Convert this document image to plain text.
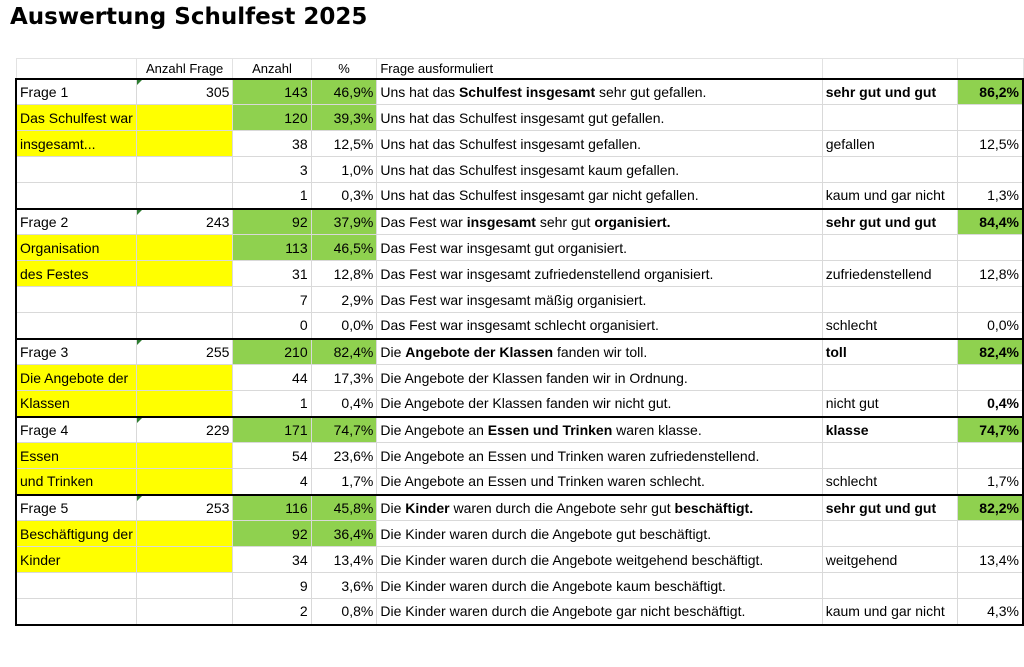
Auswertung Schulfest 2025
	Anzahl Frage	Anzahl	%	Frage ausformuliert		
Frage 1	305	143	46,9%	Uns hat das Schulfest insgesamt sehr gut gefallen.	sehr gut und gut	86,2%
Das Schulfest war		120	39,3%	Uns hat das Schulfest insgesamt gut gefallen.		
insgesamt...		38	12,5%	Uns hat das Schulfest insgesamt gefallen.	gefallen	12,5%
		3	1,0%	Uns hat das Schulfest insgesamt kaum gefallen.		
		1	0,3%	Uns hat das Schulfest insgesamt gar nicht gefallen.	kaum und gar nicht	1,3%
Frage 2	243	92	37,9%	Das Fest war insgesamt sehr gut organisiert.	sehr gut und gut	84,4%
Organisation		113	46,5%	Das Fest war insgesamt gut organisiert.		
des Festes		31	12,8%	Das Fest war insgesamt zufriedenstellend organisiert.	zufriedenstellend	12,8%
		7	2,9%	Das Fest war insgesamt mäßig organisiert.		
		0	0,0%	Das Fest war insgesamt schlecht organisiert.	schlecht	0,0%
Frage 3	255	210	82,4%	Die Angebote der Klassen fanden wir toll.	toll	82,4%
Die Angebote der		44	17,3%	Die Angebote der Klassen fanden wir in Ordnung.		
Klassen		1	0,4%	Die Angebote der Klassen fanden wir nicht gut.	nicht gut	0,4%
Frage 4	229	171	74,7%	Die Angebote an Essen und Trinken waren klasse.	klasse	74,7%
Essen		54	23,6%	Die Angebote an Essen und Trinken waren zufriedenstellend.		
und Trinken		4	1,7%	Die Angebote an Essen und Trinken waren schlecht.	schlecht	1,7%
Frage 5	253	116	45,8%	Die Kinder waren durch die Angebote sehr gut beschäftigt.	sehr gut und gut	82,2%
Beschäftigung der		92	36,4%	Die Kinder waren durch die Angebote gut beschäftigt.		
Kinder		34	13,4%	Die Kinder waren durch die Angebote weitgehend beschäftigt.	weitgehend	13,4%
		9	3,6%	Die Kinder waren durch die Angebote kaum beschäftigt.		
		2	0,8%	Die Kinder waren durch die Angebote gar nicht beschäftigt.	kaum und gar nicht	4,3%
